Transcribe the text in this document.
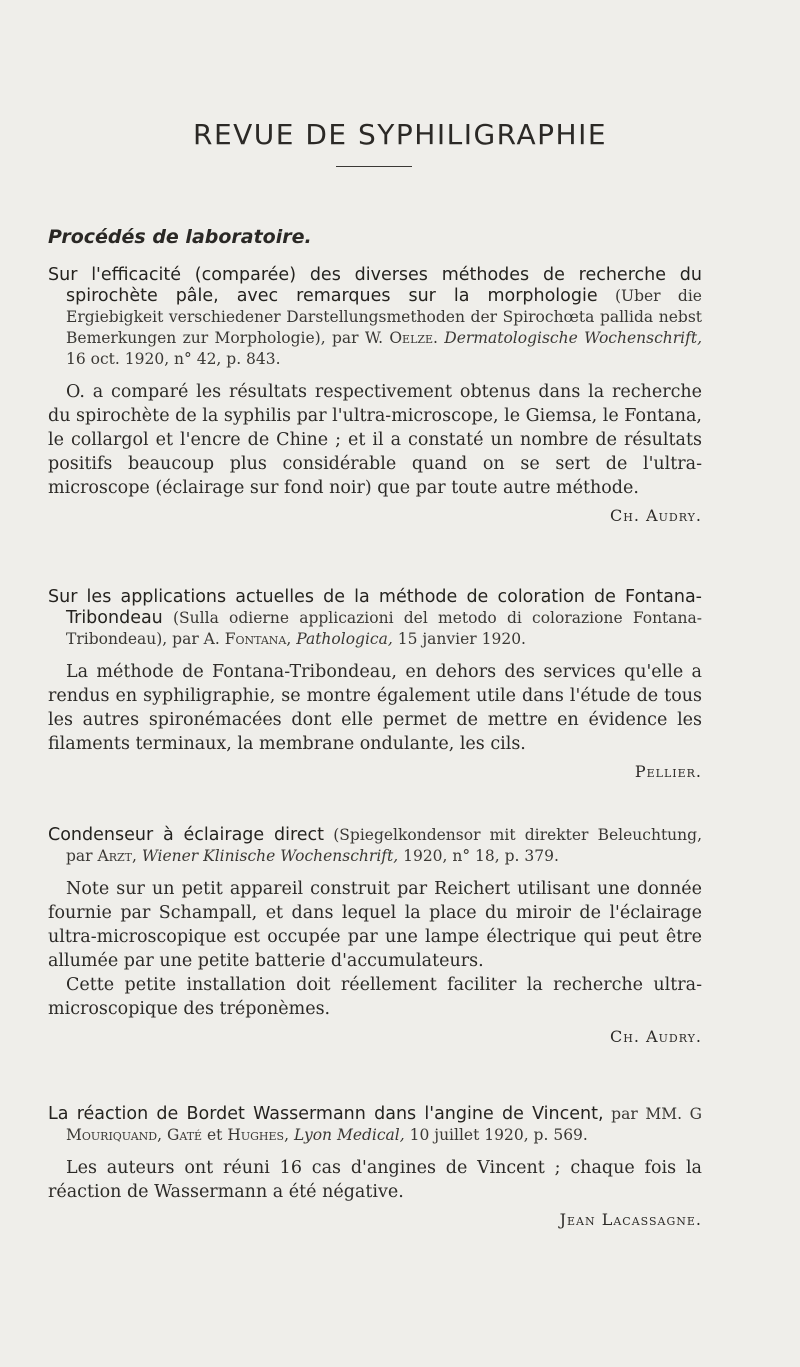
REVUE DE SYPHILIGRAPHIE
Procédés de laboratoire.

Sur l'efficacité (comparée) des diverses méthodes de recherche du spirochète pâle, avec remarques sur la morphologie (Uber die Ergiebigkeit verschiedener Darstellungsmethoden der Spirochœta pallida nebst Bemerkungen zur Morphologie), par W. Oelze. Dermatologische Wochenschrift, 16 oct. 1920, n° 42, p. 843.

O. a comparé les résultats respectivement obtenus dans la recherche du spirochète de la syphilis par l'ultra-microscope, le Giemsa, le Fontana, le collargol et l'encre de Chine ; et il a constaté un nombre de résultats positifs beaucoup plus considérable quand on se sert de l'ultra-microscope (éclairage sur fond noir) que par toute autre méthode.

Ch. Audry.

Sur les applications actuelles de la méthode de coloration de Fontana-Tribondeau (Sulla odierne applicazioni del metodo di colorazione Fontana-Tribondeau), par A. Fontana, Pathologica, 15 janvier 1920.

La méthode de Fontana-Tribondeau, en dehors des services qu'elle a rendus en syphiligraphie, se montre également utile dans l'étude de tous les autres spironémacées dont elle permet de mettre en évidence les filaments terminaux, la membrane ondulante, les cils.

Pellier.

Condenseur à éclairage direct (Spiegelkondensor mit direkter Beleuchtung, par Arzt, Wiener Klinische Wochenschrift, 1920, n° 18, p. 379.

Note sur un petit appareil construit par Reichert utilisant une donnée fournie par Schampall, et dans lequel la place du miroir de l'éclairage ultra-microscopique est occupée par une lampe électrique qui peut être allumée par une petite batterie d'accumulateurs.

Cette petite installation doit réellement faciliter la recherche ultra-microscopique des tréponèmes.

Ch. Audry.

La réaction de Bordet Wassermann dans l'angine de Vincent, par MM. G Mouriquand, Gaté et Hughes, Lyon Medical, 10 juillet 1920, p. 569.

Les auteurs ont réuni 16 cas d'angines de Vincent ; chaque fois la réaction de Wassermann a été négative.

Jean Lacassagne.
